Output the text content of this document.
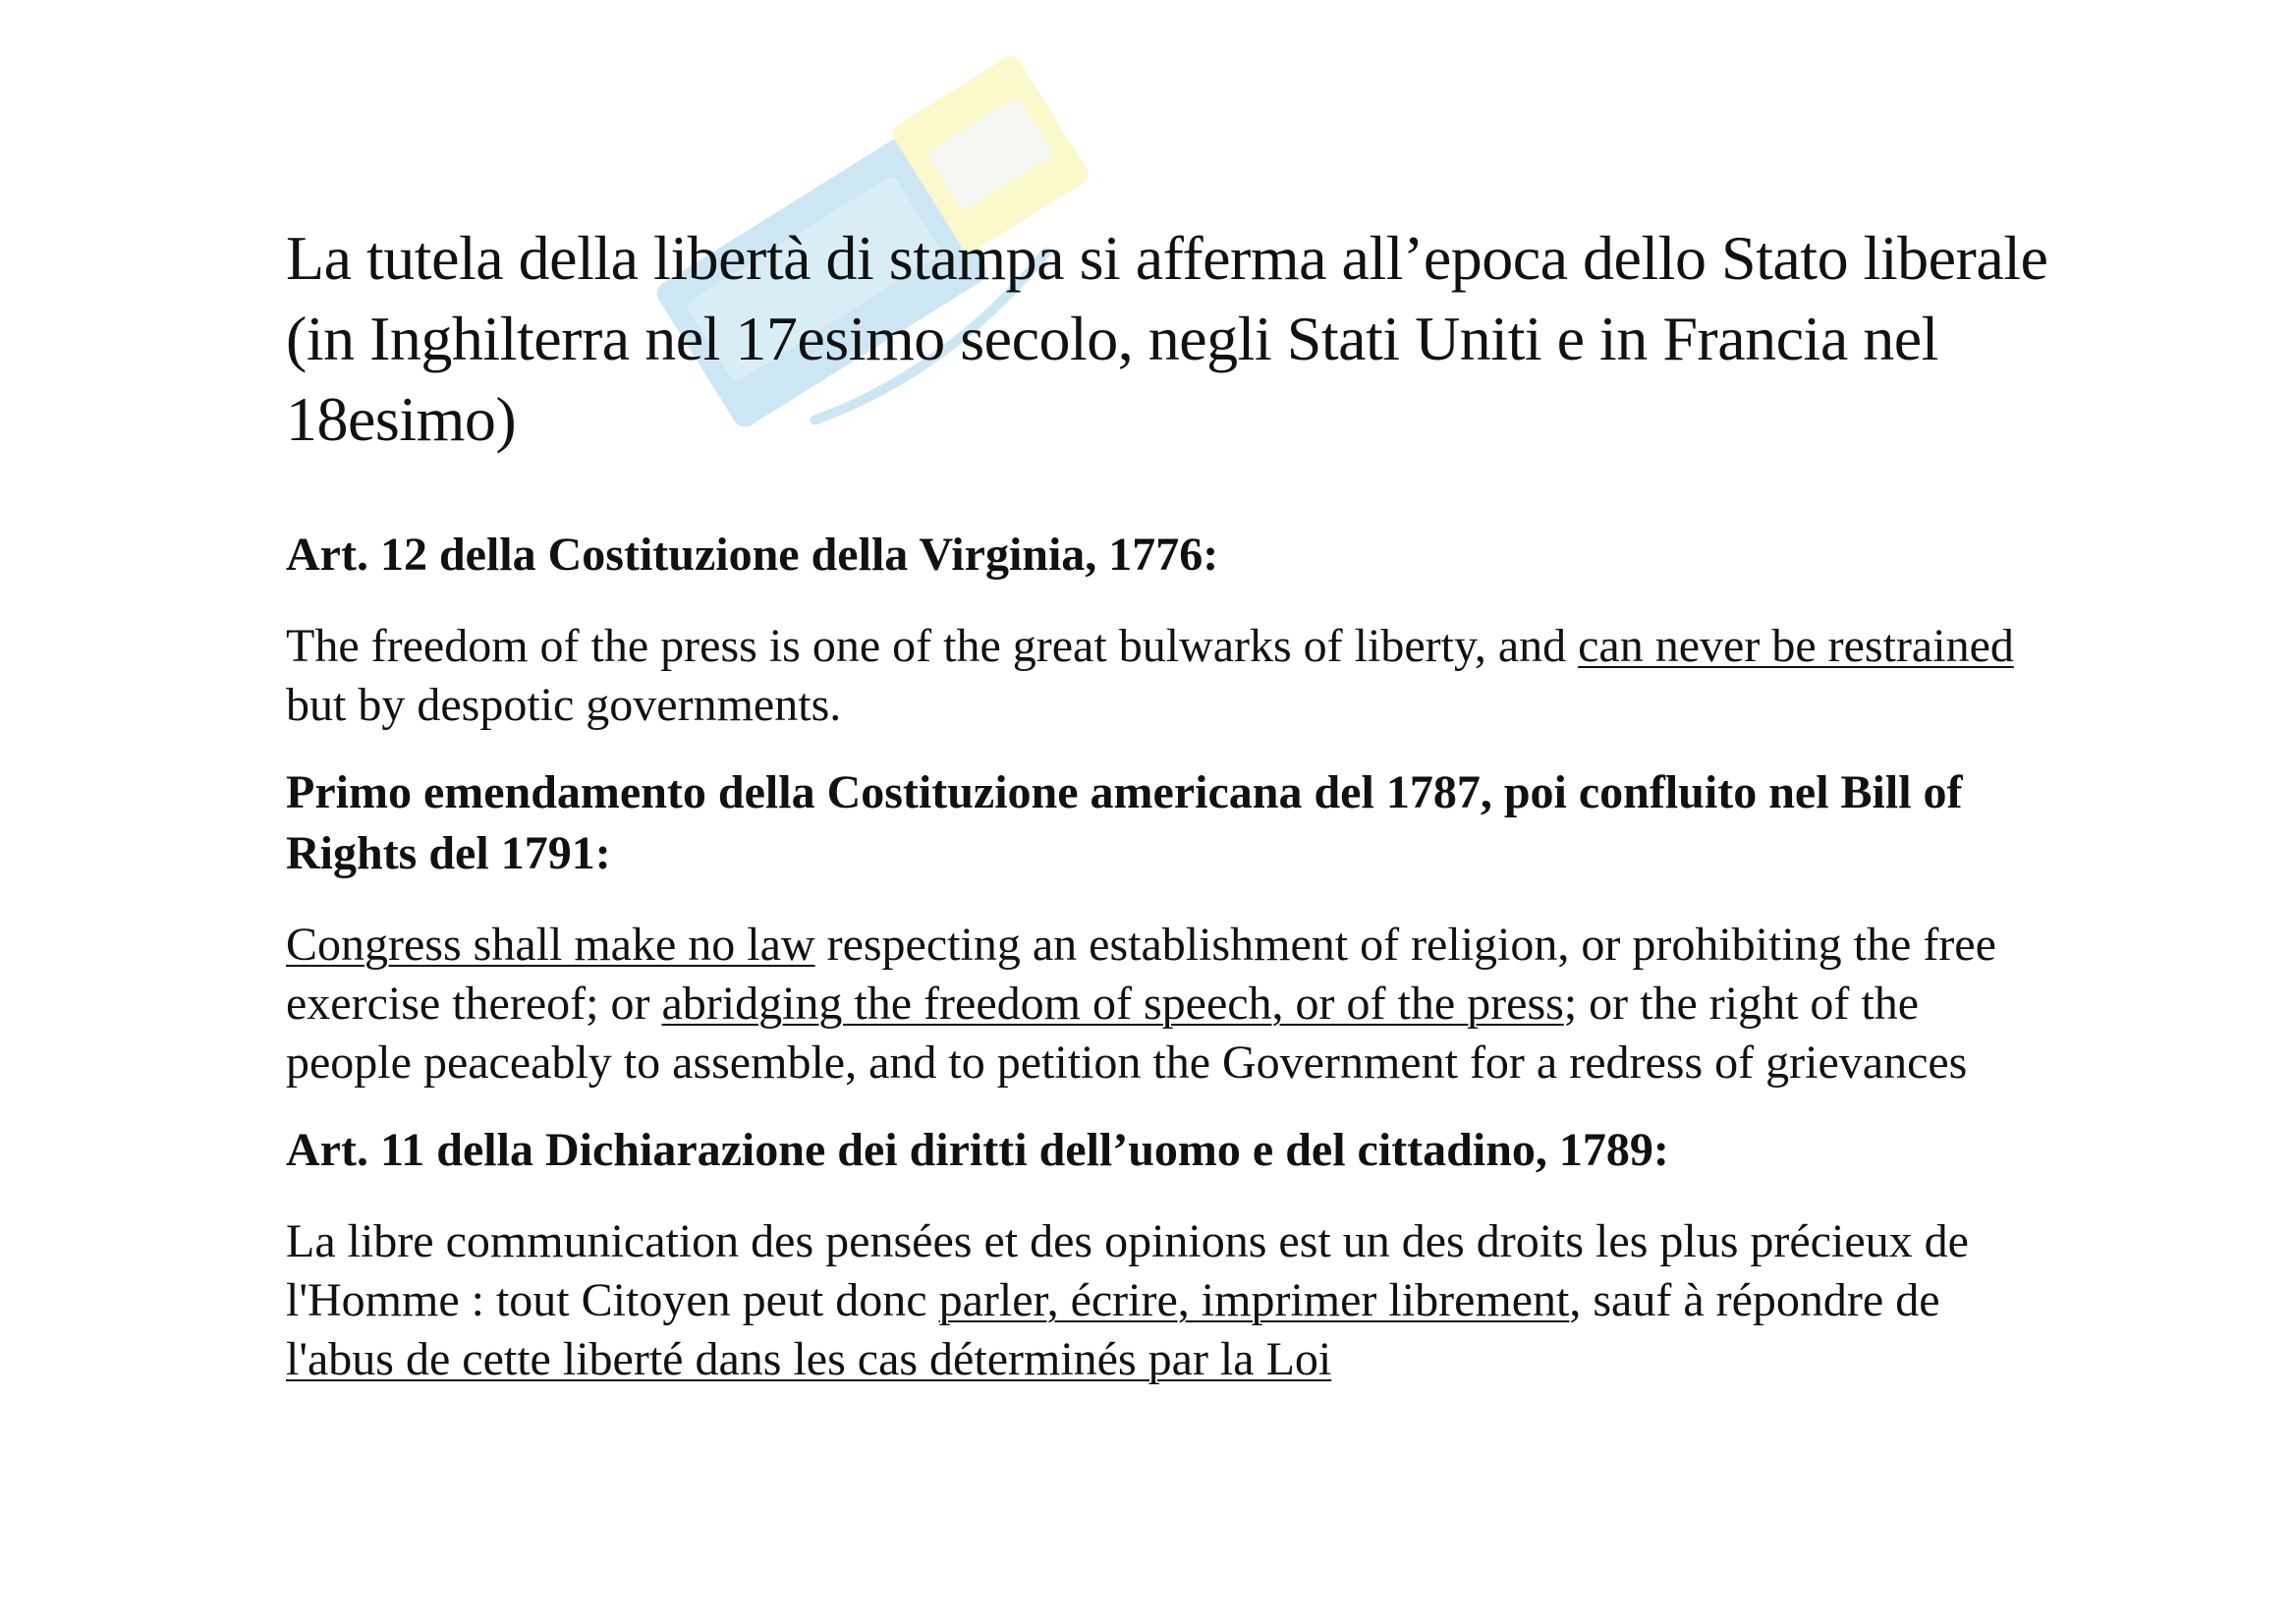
La tutela della libertà di stampa si afferma all’epoca dello Stato liberale (in Inghilterra nel 17esimo secolo, negli Stati Uniti e in Francia nel 18esimo)

Art. 12 della Costituzione della Virginia, 1776:

The freedom of the press is one of the great bulwarks of liberty, and can never be restrained but by despotic governments.

Primo emendamento della Costituzione americana del 1787, poi confluito nel Bill of Rights del 1791:

Congress shall make no law respecting an establishment of religion, or prohibiting the free exercise thereof; or abridging the freedom of speech, or of the press; or the right of the people peaceably to assemble, and to petition the Government for a redress of grievances

Art. 11 della Dichiarazione dei diritti dell’uomo e del cittadino, 1789:

La libre communication des pensées et des opinions est un des droits les plus précieux de l'Homme : tout Citoyen peut donc parler, écrire, imprimer librement, sauf à répondre de l'abus de cette liberté dans les cas déterminés par la Loi
